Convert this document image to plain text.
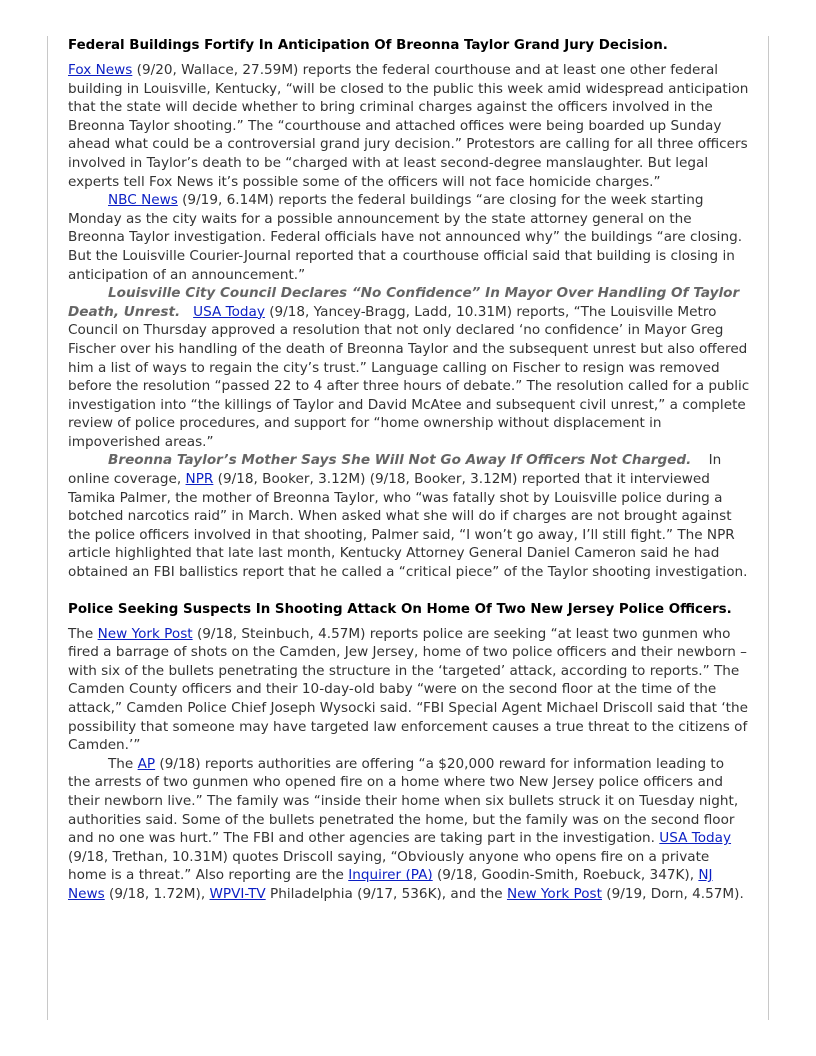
Federal Buildings Fortify In Anticipation Of Breonna Taylor Grand Jury Decision.

Fox News (9/20, Wallace, 27.59M) reports the federal courthouse and at least one other federal building in Louisville, Kentucky, “will be closed to the public this week amid widespread anticipation that the state will decide whether to bring criminal charges against the officers involved in the Breonna Taylor shooting.” The “courthouse and attached offices were being boarded up Sunday ahead what could be a controversial grand jury decision.” Protestors are calling for all three officers involved in Taylor’s death to be “charged with at least second-degree manslaughter. But legal experts tell Fox News it’s possible some of the officers will not face homicide charges.”

NBC News (9/19, 6.14M) reports the federal buildings “are closing for the week starting Monday as the city waits for a possible announcement by the state attorney general on the Breonna Taylor investigation. Federal officials have not announced why” the buildings “are closing. But the Louisville Courier-Journal reported that a courthouse official said that building is closing in anticipation of an announcement.”

Louisville City Council Declares “No Confidence” In Mayor Over Handling Of Taylor Death, Unrest. USA Today (9/18, Yancey-Bragg, Ladd, 10.31M) reports, “The Louisville Metro Council on Thursday approved a resolution that not only declared ‘no confidence’ in Mayor Greg Fischer over his handling of the death of Breonna Taylor and the subsequent unrest but also offered him a list of ways to regain the city’s trust.” Language calling on Fischer to resign was removed before the resolution “passed 22 to 4 after three hours of debate.” The resolution called for a public investigation into “the killings of Taylor and David McAtee and subsequent civil unrest,” a complete review of police procedures, and support for “home ownership without displacement in impoverished areas.”

Breonna Taylor’s Mother Says She Will Not Go Away If Officers Not Charged. In online coverage, NPR (9/18, Booker, 3.12M) (9/18, Booker, 3.12M) reported that it interviewed Tamika Palmer, the mother of Breonna Taylor, who “was fatally shot by Louisville police during a botched narcotics raid” in March. When asked what she will do if charges are not brought against the police officers involved in that shooting, Palmer said, “I won’t go away, I’ll still fight.” The NPR article highlighted that late last month, Kentucky Attorney General Daniel Cameron said he had obtained an FBI ballistics report that he called a “critical piece” of the Taylor shooting investigation.

Police Seeking Suspects In Shooting Attack On Home Of Two New Jersey Police Officers.

The New York Post (9/18, Steinbuch, 4.57M) reports police are seeking “at least two gunmen who fired a barrage of shots on the Camden, Jew Jersey, home of two police officers and their newborn – with six of the bullets penetrating the structure in the ‘targeted’ attack, according to reports.” The Camden County officers and their 10-day-old baby “were on the second floor at the time of the attack,” Camden Police Chief Joseph Wysocki said. “FBI Special Agent Michael Driscoll said that ‘the possibility that someone may have targeted law enforcement causes a true threat to the citizens of Camden.’”

The AP (9/18) reports authorities are offering “a $20,000 reward for information leading to the arrests of two gunmen who opened fire on a home where two New Jersey police officers and their newborn live.” The family was “inside their home when six bullets struck it on Tuesday night, authorities said. Some of the bullets penetrated the home, but the family was on the second floor and no one was hurt.” The FBI and other agencies are taking part in the investigation. USA Today (9/18, Trethan, 10.31M) quotes Driscoll saying, “Obviously anyone who opens fire on a private home is a threat.” Also reporting are the Inquirer (PA) (9/18, Goodin-Smith, Roebuck, 347K), NJ News (9/18, 1.72M), WPVI-TV Philadelphia (9/17, 536K), and the New York Post (9/19, Dorn, 4.57M).
